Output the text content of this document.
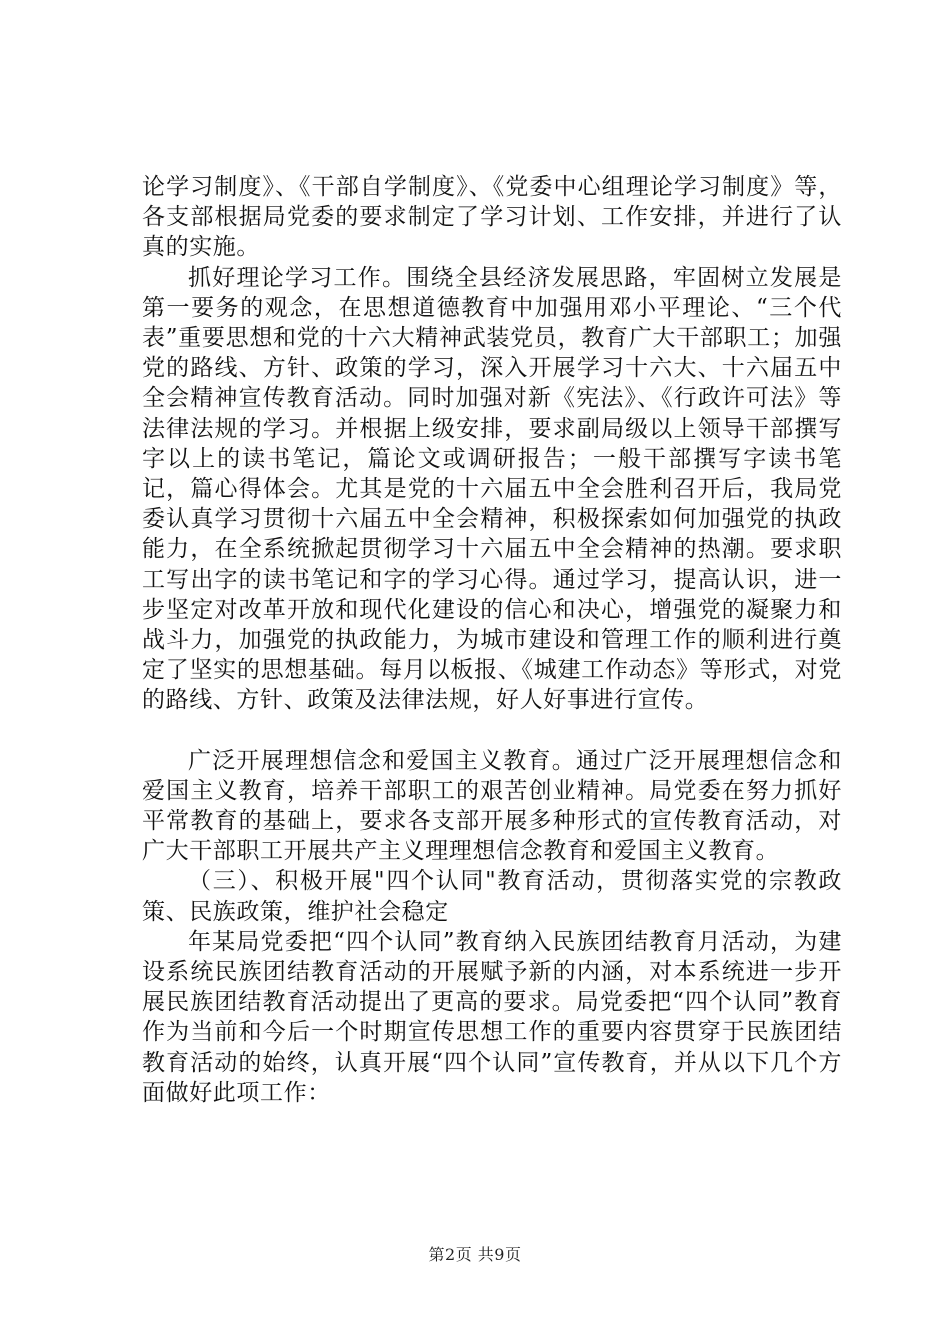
论学习制度》、《干部自学制度》、《党委中心组理论学习制度》等，各支部根据局党委的要求制定了学习计划、工作安排，并进行了认真的实施。

抓好理论学习工作。围绕全县经济发展思路，牢固树立发展是第一要务的观念，在思想道德教育中加强用邓小平理论、“三个代表”重要思想和党的十六大精神武装党员，教育广大干部职工；加强党的路线、方针、政策的学习，深入开展学习十六大、十六届五中全会精神宣传教育活动。同时加强对新《宪法》、《行政许可法》等法律法规的学习。并根据上级安排，要求副局级以上领导干部撰写字以上的读书笔记，篇论文或调研报告；一般干部撰写字读书笔记，篇心得体会。尤其是党的十六届五中全会胜利召开后，我局党委认真学习贯彻十六届五中全会精神，积极探索如何加强党的执政能力，在全系统掀起贯彻学习十六届五中全会精神的热潮。要求职工写出字的读书笔记和字的学习心得。通过学习，提高认识，进一步坚定对改革开放和现代化建设的信心和决心，增强党的凝聚力和战斗力，加强党的执政能力，为城市建设和管理工作的顺利进行奠定了坚实的思想基础。每月以板报、《城建工作动态》等形式，对党的路线、方针、政策及法律法规，好人好事进行宣传。

广泛开展理想信念和爱国主义教育。通过广泛开展理想信念和爱国主义教育，培养干部职工的艰苦创业精神。局党委在努力抓好平常教育的基础上，要求各支部开展多种形式的宣传教育活动，对广大干部职工开展共产主义理理想信念教育和爱国主义教育。

（三）、积极开展"四个认同"教育活动，贯彻落实党的宗教政策、民族政策，维护社会稳定

年某局党委把“四个认同”教育纳入民族团结教育月活动，为建设系统民族团结教育活动的开展赋予新的内涵，对本系统进一步开展民族团结教育活动提出了更高的要求。局党委把“四个认同”教育作为当前和今后一个时期宣传思想工作的重要内容贯穿于民族团结教育活动的始终，认真开展“四个认同”宣传教育，并从以下几个方面做好此项工作：

第2页 共9页
